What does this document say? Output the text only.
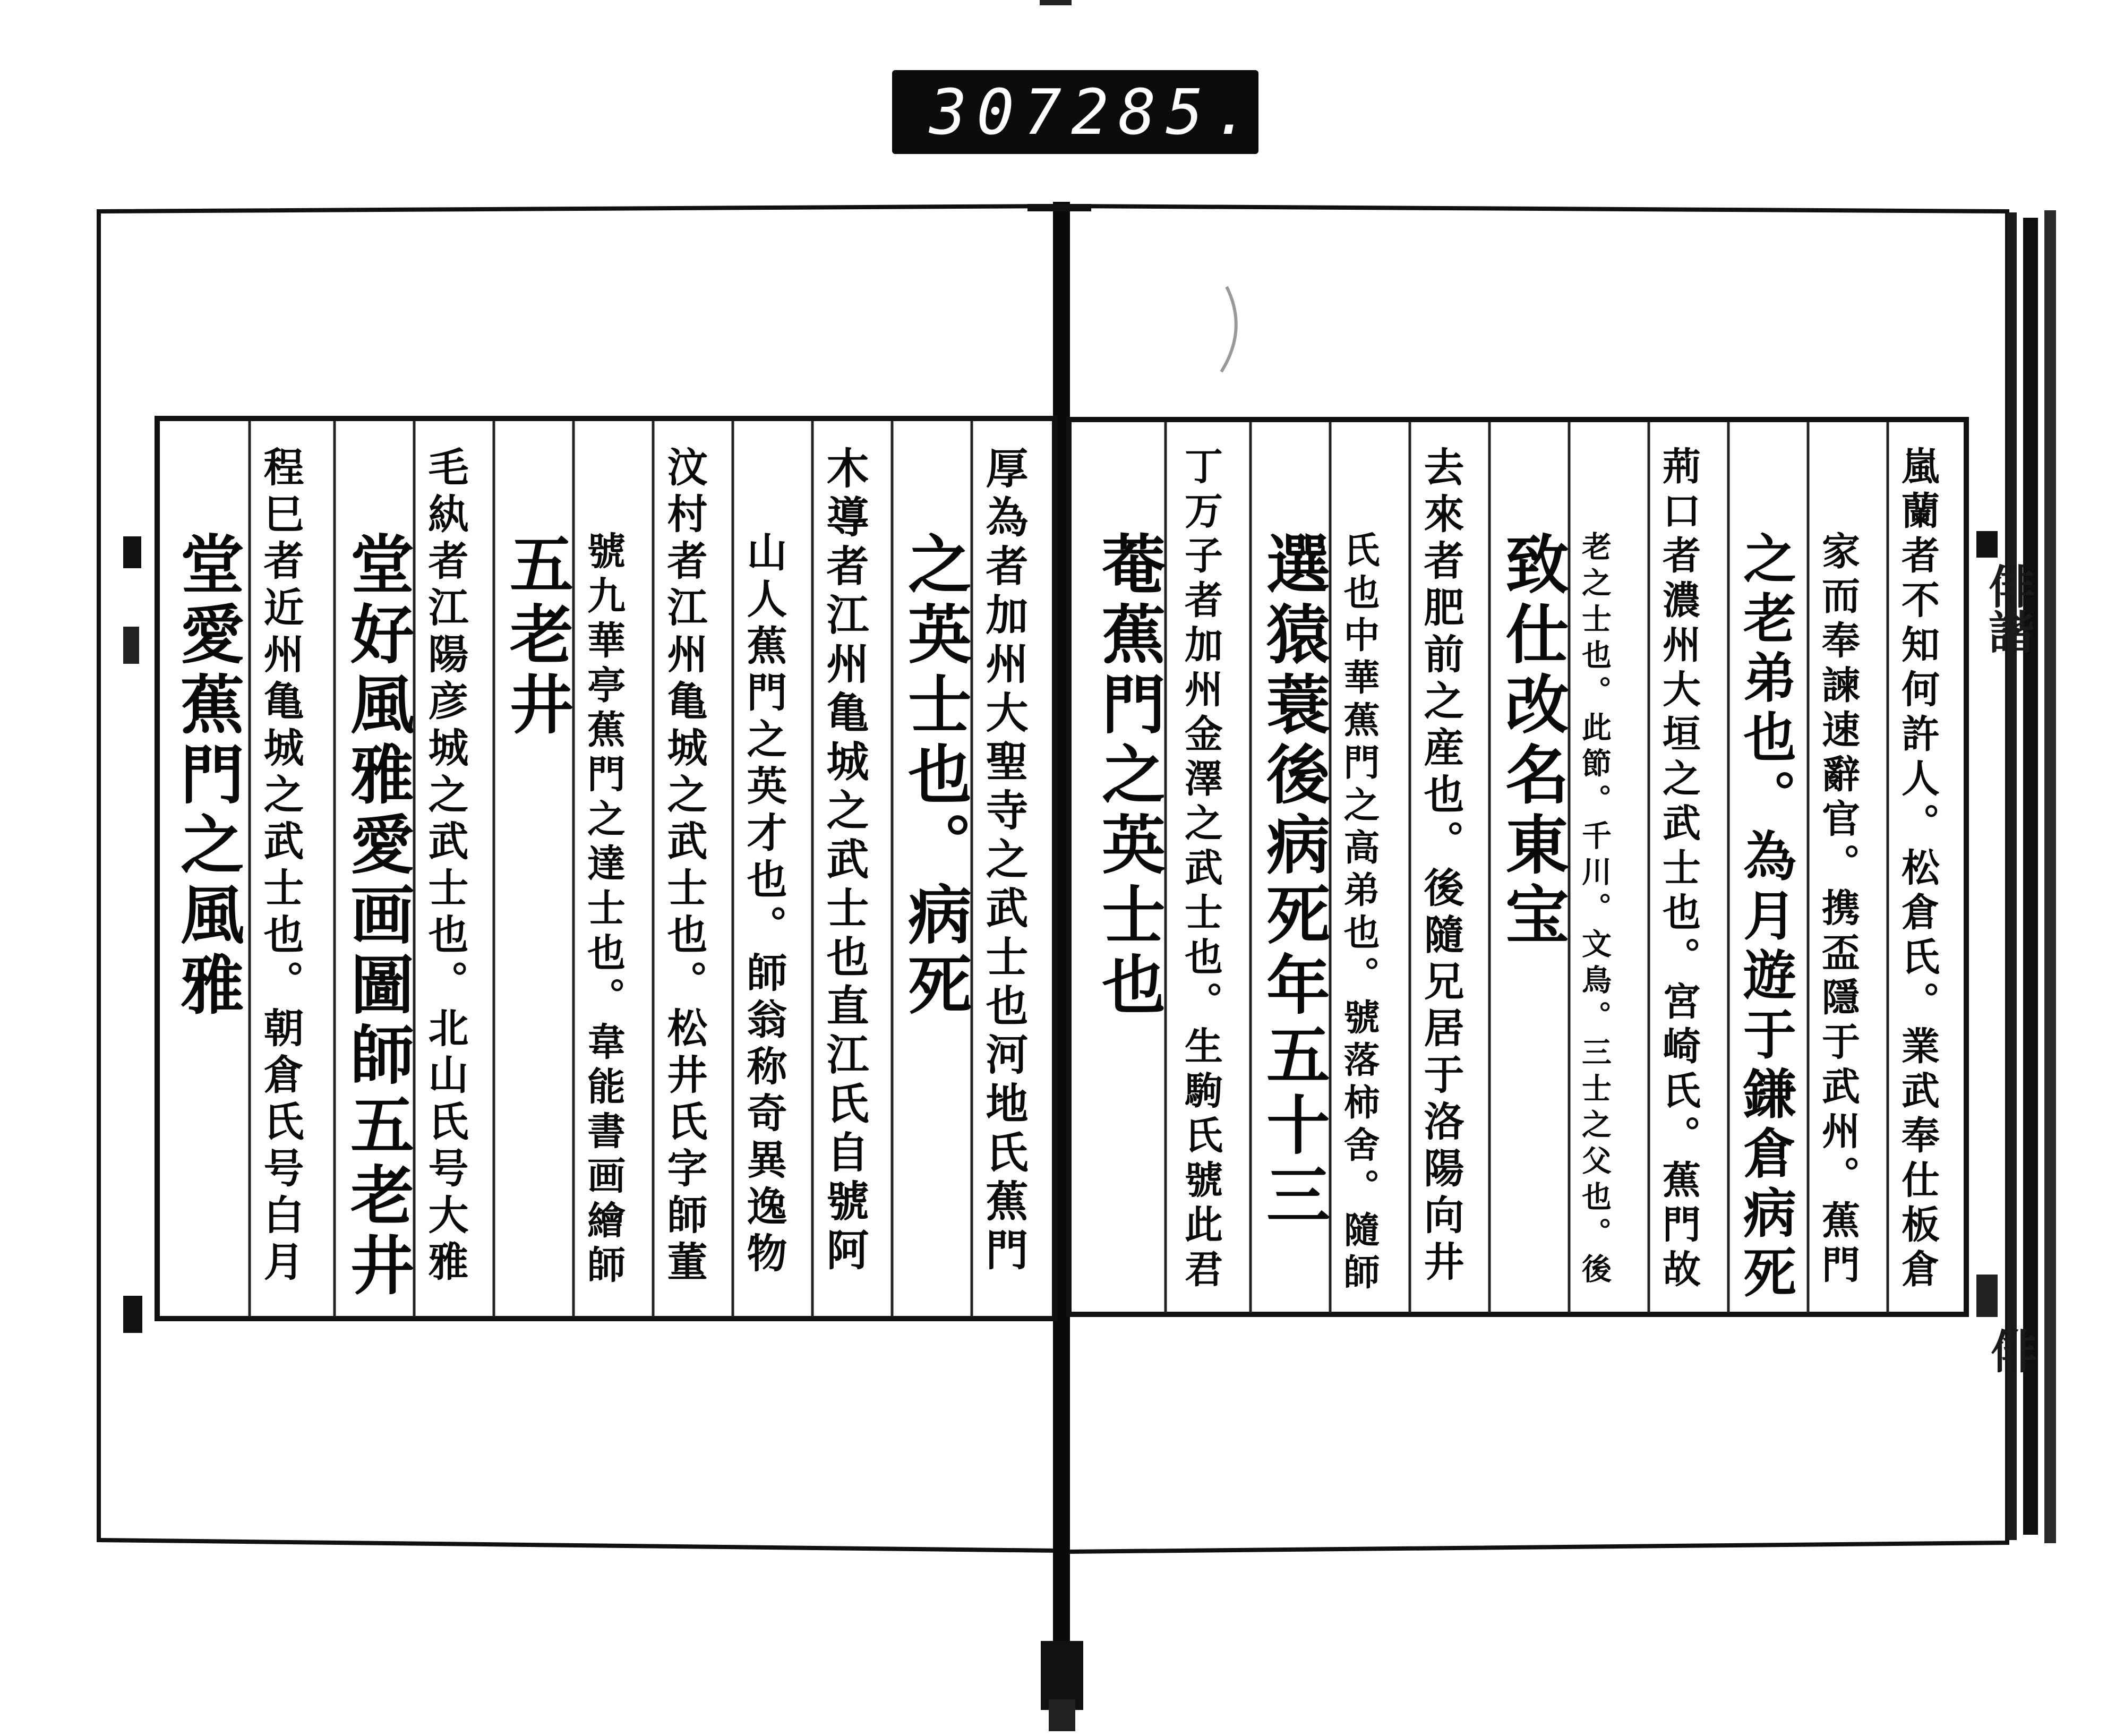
307 285.
俳諧
俳
嵐蘭者不知何許人。松倉氏。業武奉仕板倉
家而奉諫速辭官。携盃隱于武州。蕉門
之老弟也。為月遊于鎌倉病死
荊口者濃州大垣之武士也。宮崎氏。蕉門故
老之士也。此節。千川。文鳥。三士之父也。後
致仕改名東宝
去來者肥前之産也。後隨兄居于洛陽向井
氏也中華蕉門之高弟也。號落柿舍。隨師
選猿蓑後病死年五十三
丁万子者加州金澤之武士也。生駒氏號此君
菴蕉門之英士也
厚為者加州大聖寺之武士也河地氏蕉門
之英士也。病死
木導者江州亀城之武士也直江氏自號阿
山人蕉門之英才也。師翁称奇異逸物
汶村者江州亀城之武士也。松井氏字師董
號九華亭蕉門之達士也。韋能書画繪師
五老井
毛紈者江陽彦城之武士也。北山氏号大雅
堂好風雅愛画圖師五老井
程巳者近州亀城之武士也。朝倉氏号白月
堂愛蕉門之風雅
